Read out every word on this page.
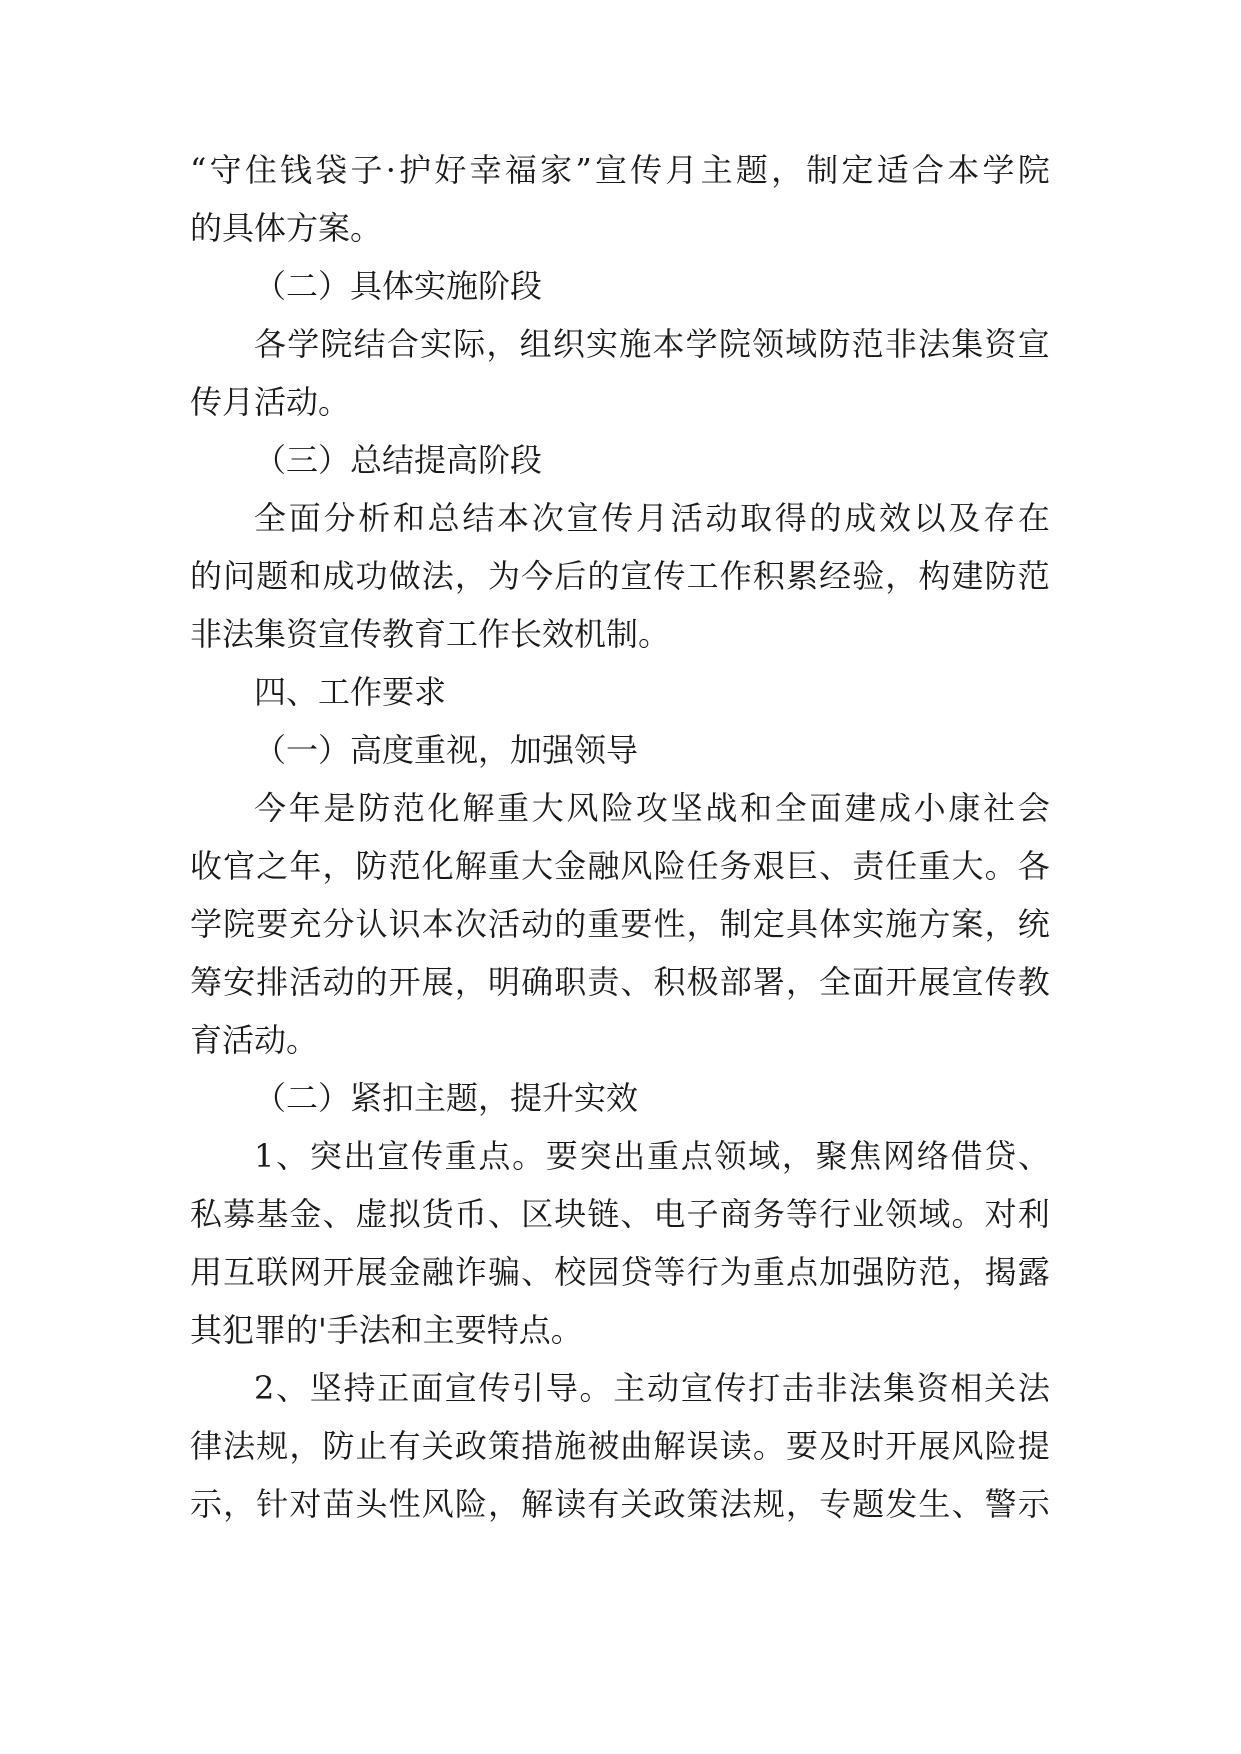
“ 守 住 钱 袋 子 · 护 好 幸 福 家 ” 宣 传 月 主 题 ， 制 定 适 合 本 学 院
的具体方案。
（二）具体实施阶段
各 学 院 结 合 实 际 ， 组 织 实 施 本 学 院 领 域 防 范 非 法 集 资 宣
传月活动。
（三）总结提高阶段
全 面 分 析 和 总 结 本 次 宣 传 月 活 动 取 得 的 成 效 以 及 存 在
的 问 题 和 成 功 做 法 ， 为 今 后 的 宣 传 工 作 积 累 经 验 ， 构 建 防 范
非法集资宣传教育工作长效机制。
四、工作要求
（一）高度重视，加强领导
今 年 是 防 范 化 解 重 大 风 险 攻 坚 战 和 全 面 建 成 小 康 社 会
收 官 之 年 ， 防 范 化 解 重 大 金 融 风 险 任 务 艰 巨 、 责 任 重 大 。 各
学 院 要 充 分 认 识 本 次 活 动 的 重 要 性 ， 制 定 具 体 实 施 方 案 ， 统
筹 安 排 活 动 的 开 展 ， 明 确 职 责 、 积 极 部 署 ， 全 面 开 展 宣 传 教
育活动。
（二）紧扣主题，提升实效
1 、 突 出 宣 传 重 点 。 要 突 出 重 点 领 域 ， 聚 焦 网 络 借 贷 、
私 募 基 金 、 虚 拟 货 币 、 区 块 链 、 电 子 商 务 等 行 业 领 域 。 对 利
用 互 联 网 开 展 金 融 诈 骗 、 校 园 贷 等 行 为 重 点 加 强 防 范 ， 揭 露
其犯罪的'手法和主要特点。
2 、 坚 持 正 面 宣 传 引 导 。 主 动 宣 传 打 击 非 法 集 资 相 关 法
律 法 规 ， 防 止 有 关 政 策 措 施 被 曲 解 误 读 。 要 及 时 开 展 风 险 提
示 ， 针 对 苗 头 性 风 险 ， 解 读 有 关 政 策 法 规 ， 专 题 发 生 、 警 示
